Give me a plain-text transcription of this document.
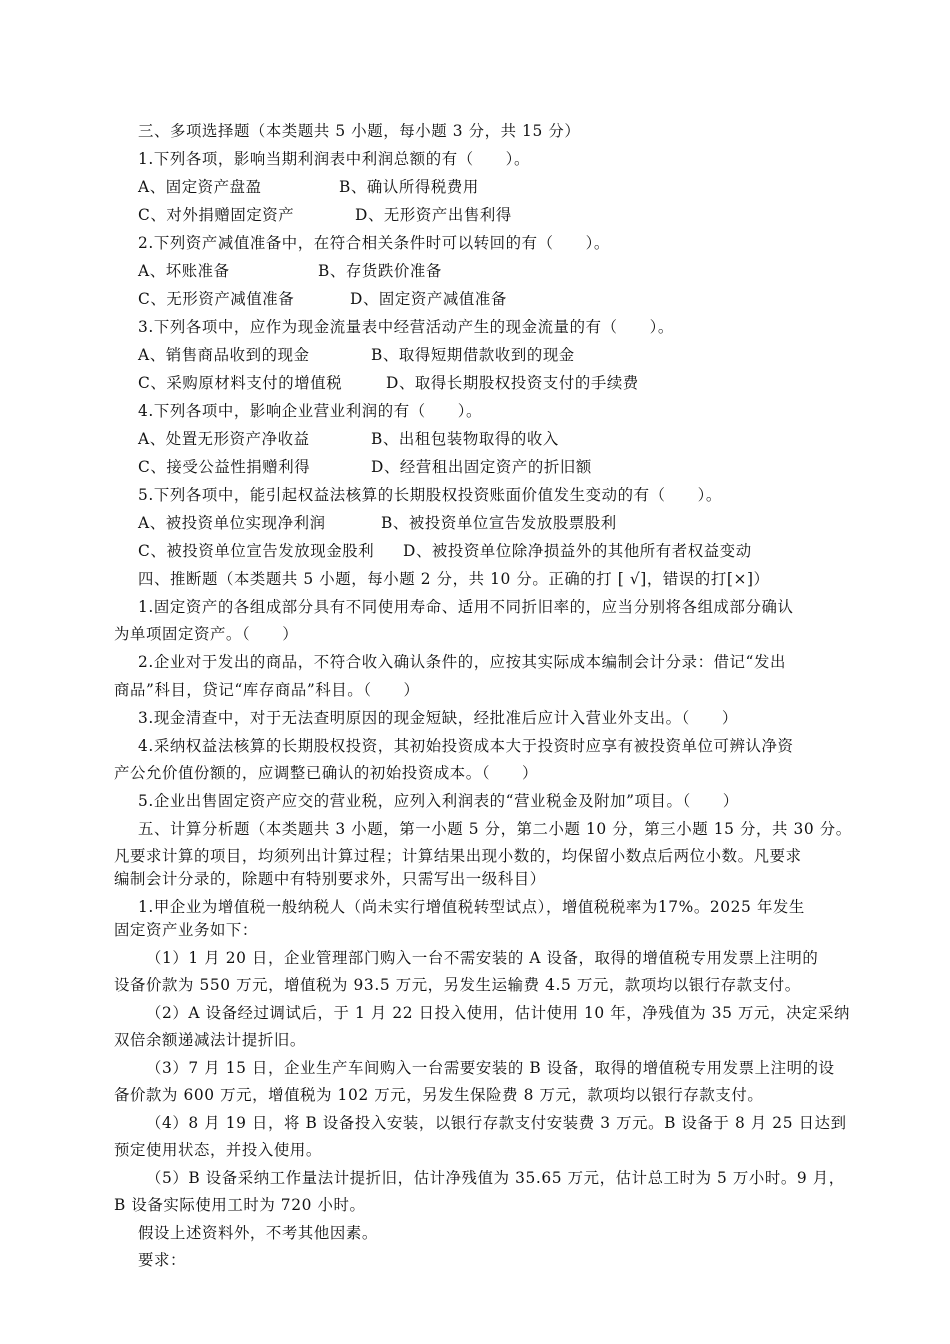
三、多项选择题（本类题共 5 小题，每小题 3 分，共 15 分）
1.下列各项，影响当期利润表中利润总额的有（　　）。
A、固定资产盘盈	B、确认所得税费用
C、对外捐赠固定资产	D、无形资产出售利得
2.下列资产减值准备中，在符合相关条件时可以转回的有（　　）。
A、坏账准备	B、存货跌价准备
C、无形资产减值准备	D、固定资产减值准备
3.下列各项中，应作为现金流量表中经营活动产生的现金流量的有（　　）。
A、销售商品收到的现金	B、取得短期借款收到的现金
C、采购原材料支付的增值税	D、取得长期股权投资支付的手续费
4.下列各项中，影响企业营业利润的有（　　）。
A、处置无形资产净收益	B、出租包装物取得的收入
C、接受公益性捐赠利得	D、经营租出固定资产的折旧额
5.下列各项中，能引起权益法核算的长期股权投资账面价值发生变动的有（　　）。
A、被投资单位实现净利润	B、被投资单位宣告发放股票股利
C、被投资单位宣告发放现金股利 D、被投资单位除净损益外的其他所有者权益变动
四、推断题（本类题共 5 小题，每小题 2 分，共 10 分。正确的打 [ √]，错误的打[×]）
1.固定资产的各组成部分具有不同使用寿命、适用不同折旧率的，应当分别将各组成部分确认
为单项固定资产。（　　）
2.企业对于发出的商品，不符合收入确认条件的，应按其实际成本编制会计分录：借记“发出
商品”科目，贷记“库存商品”科目。（　　）
3.现金清查中，对于无法查明原因的现金短缺，经批准后应计入营业外支出。（　　）
4.采纳权益法核算的长期股权投资，其初始投资成本大于投资时应享有被投资单位可辨认净资
产公允价值份额的，应调整已确认的初始投资成本。（　　）
5.企业出售固定资产应交的营业税，应列入利润表的“营业税金及附加”项目。（　　）
五、计算分析题（本类题共 3 小题，第一小题 5 分，第二小题 10 分，第三小题 15 分，共 30 分。
凡要求计算的项目，均须列出计算过程；计算结果出现小数的，均保留小数点后两位小数。凡要求
编制会计分录的，除题中有特别要求外，只需写出一级科目）
1.甲企业为增值税一般纳税人（尚未实行增值税转型试点），增值税税率为17%。2025 年发生
固定资产业务如下：
（1）1 月 20 日，企业管理部门购入一台不需安装的 A 设备，取得的增值税专用发票上注明的
设备价款为 550 万元，增值税为 93.5 万元，另发生运输费 4.5 万元，款项均以银行存款支付。
（2）A 设备经过调试后，于 1 月 22 日投入使用，估计使用 10 年，净残值为 35 万元，决定采纳
双倍余额递减法计提折旧。
（3）7 月 15 日，企业生产车间购入一台需要安装的 B 设备，取得的增值税专用发票上注明的设
备价款为 600 万元，增值税为 102 万元，另发生保险费 8 万元，款项均以银行存款支付。
（4）8 月 19 日，将 B 设备投入安装，以银行存款支付安装费 3 万元。B 设备于 8 月 25 日达到
预定使用状态，并投入使用。
（5）B 设备采纳工作量法计提折旧，估计净残值为 35.65 万元，估计总工时为 5 万小时。9 月，
B 设备实际使用工时为 720 小时。
假设上述资料外，不考其他因素。
要求：
